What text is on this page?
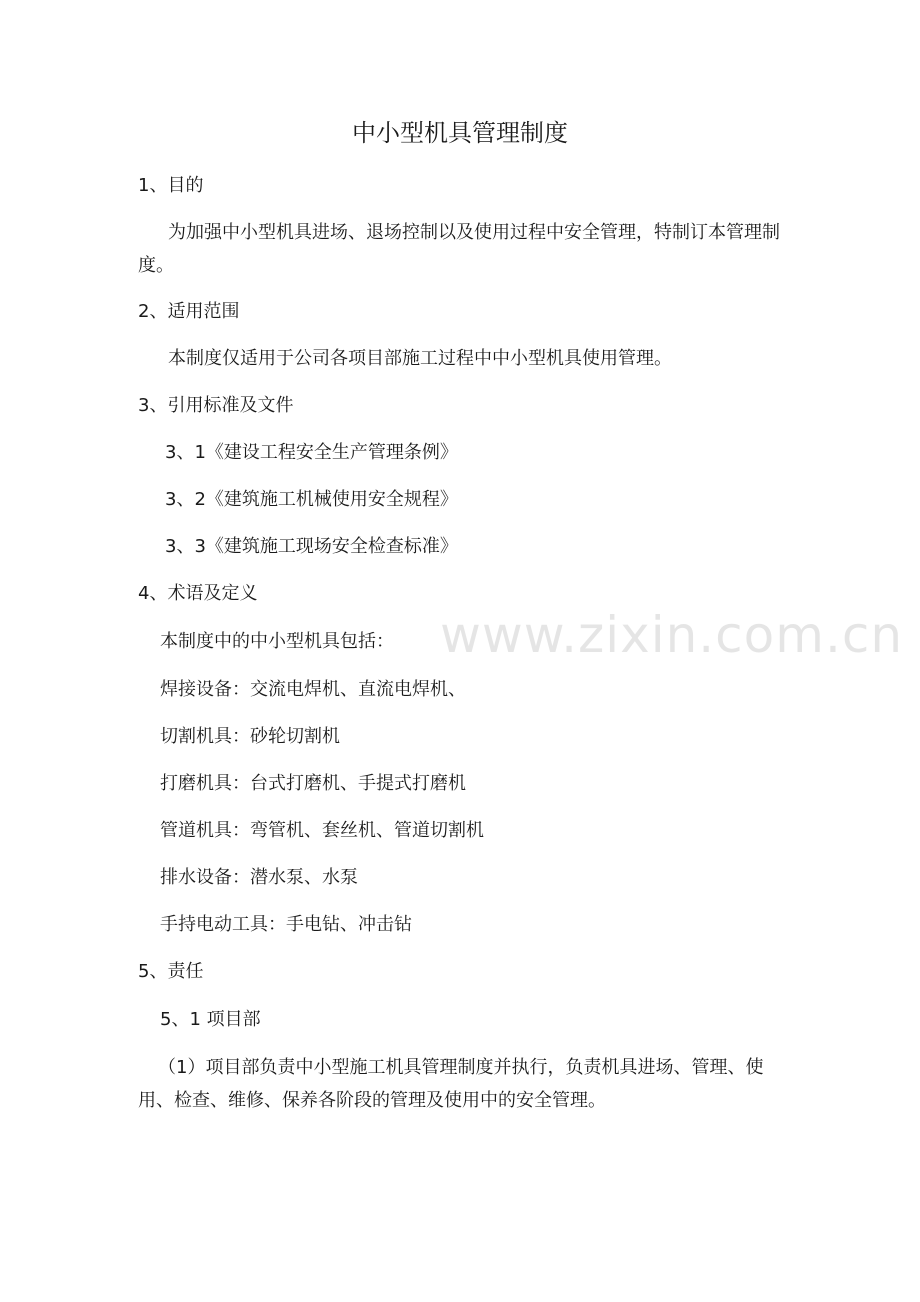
中小型机具管理制度
1、目的
为加强中小型机具进场、退场控制以及使用过程中安全管理，特制订本管理制度。
2、适用范围
本制度仅适用于公司各项目部施工过程中中小型机具使用管理。
3、引用标准及文件
3、1《建设工程安全生产管理条例》
3、2《建筑施工机械使用安全规程》
3、3《建筑施工现场安全检查标准》
4、术语及定义
本制度中的中小型机具包括：
焊接设备：交流电焊机、直流电焊机、
切割机具：砂轮切割机
打磨机具：台式打磨机、手提式打磨机
管道机具：弯管机、套丝机、管道切割机
排水设备：潜水泵、水泵
手持电动工具：手电钻、冲击钻
5、责任
5、1 项目部
（1）项目部负责中小型施工机具管理制度并执行，负责机具进场、管理、使用、检查、维修、保养各阶段的管理及使用中的安全管理。
www.zixin.com.cn
